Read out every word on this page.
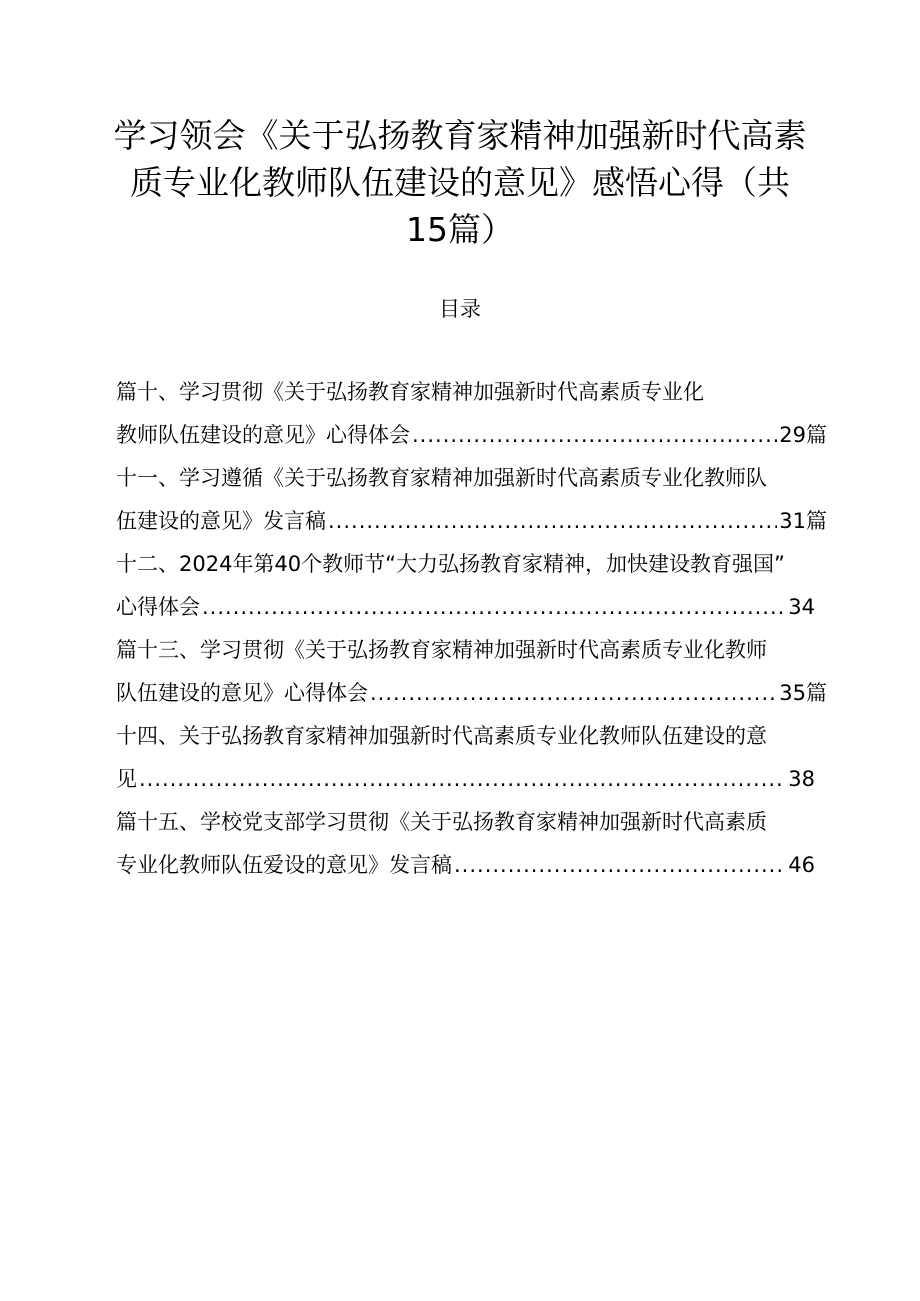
学习领会《关于弘扬教育家精神加强新时代高素
质专业化教师队伍建设的意见》感悟心得（共
15篇）
目录
篇十、学习贯彻《关于弘扬教育家精神加强新时代高素质专业化
教师队伍建设的意见》心得体会 .....	29篇
十一、学习遵循《关于弘扬教育家精神加强新时代高素质专业化教师队
伍建设的意见》发言稿 .....	31篇
十二、2024年第40个教师节“大力弘扬教育家精神，加快建设教育强国”
心得体会 .....	34
篇十三、学习贯彻《关于弘扬教育家精神加强新时代高素质专业化教师
队伍建设的意见》心得体会 .....	35篇
十四、关于弘扬教育家精神加强新时代高素质专业化教师队伍建设的意
见 .....	38
篇十五、学校党支部学习贯彻《关于弘扬教育家精神加强新时代高素质
专业化教师队伍爱设的意见》发言稿 .....	46
